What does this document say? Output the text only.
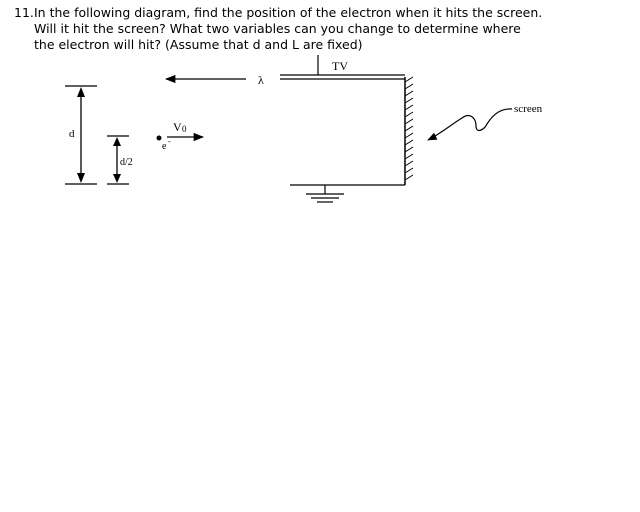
11. In the following diagram, find the position of the electron when it hits the screen.
Will it hit the screen? What two variables can you change to determine where
the electron will hit? (Assume that d and L are fixed)
λ
TV
screen
d
d/2
e -
V 0
